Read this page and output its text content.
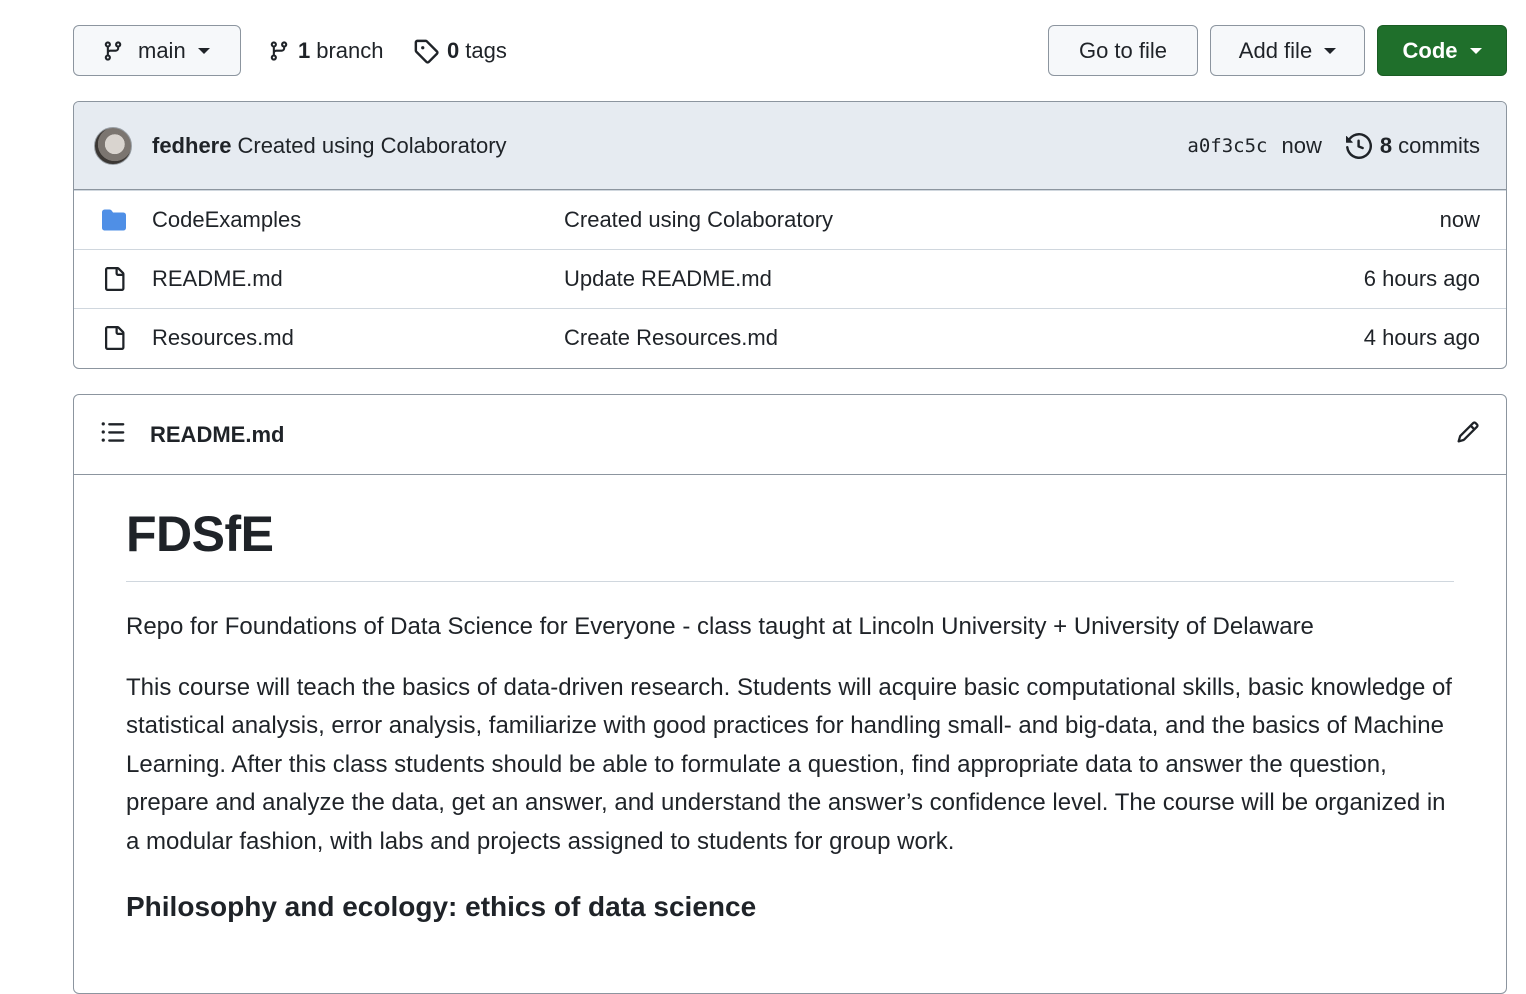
main	1 branch	0 tags	Go to file	Add file	Code
fedhere Created using Colaboratory	a0f3c5c now	8 commits
CodeExamples	Created using Colaboratory	now
README.md	Update README.md	6 hours ago
Resources.md	Create Resources.md	4 hours ago
README.md
FDSfE

Repo for Foundations of Data Science for Everyone - class taught at Lincoln University + University of Delaware

This course will teach the basics of data-driven research. Students will acquire basic computational skills, basic knowledge of statistical analysis, error analysis, familiarize with good practices for handling small- and big-data, and the basics of Machine Learning. After this class students should be able to formulate a question, find appropriate data to answer the question, prepare and analyze the data, get an answer, and understand the answer’s confidence level. The course will be organized in a modular fashion, with labs and projects assigned to students for group work.

Philosophy and ecology: ethics of data science
